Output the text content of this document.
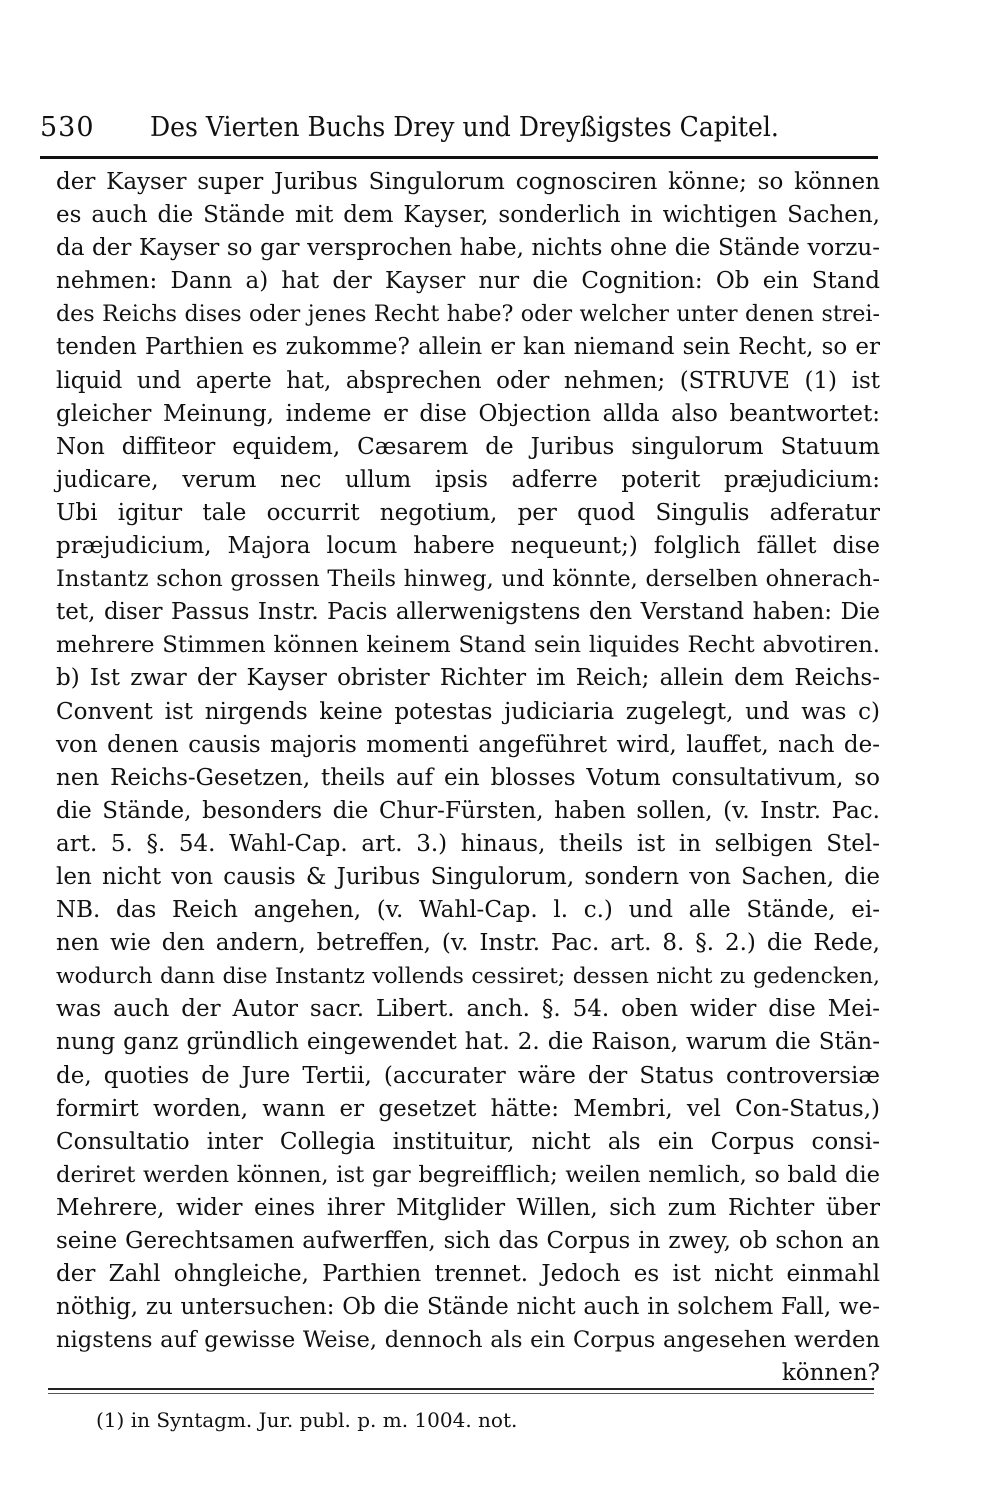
530 Des Vierten Buchs Drey und Dreyßigstes Capitel.
der Kayser super Juribus Singulorum cognosciren könne; so können
es auch die Stände mit dem Kayser, sonderlich in wichtigen Sachen,
da der Kayser so gar versprochen habe, nichts ohne die Stände vorzu-
nehmen: Dann a) hat der Kayser nur die Cognition: Ob ein Stand
des Reichs dises oder jenes Recht habe? oder welcher unter denen strei-
tenden Parthien es zukomme? allein er kan niemand sein Recht, so er
liquid und aperte hat, absprechen oder nehmen; (STRUVE (1) ist
gleicher Meinung, indeme er dise Objection allda also beantwortet:
Non diffiteor equidem, Cæsarem de Juribus singulorum Statuum
judicare, verum nec ullum ipsis adferre poterit præjudicium:
Ubi igitur tale occurrit negotium, per quod Singulis adferatur
præjudicium, Majora locum habere nequeunt;) folglich fället dise
Instantz schon grossen Theils hinweg, und könnte, derselben ohnerach-
tet, diser Passus Instr. Pacis allerwenigstens den Verstand haben: Die
mehrere Stimmen können keinem Stand sein liquides Recht abvotiren.
b) Ist zwar der Kayser obrister Richter im Reich; allein dem Reichs-
Convent ist nirgends keine potestas judiciaria zugelegt, und was c)
von denen causis majoris momenti angeführet wird, lauffet, nach de-
nen Reichs-Gesetzen, theils auf ein blosses Votum consultativum, so
die Stände, besonders die Chur-Fürsten, haben sollen, (v. Instr. Pac.
art. 5. §. 54. Wahl-Cap. art. 3.) hinaus, theils ist in selbigen Stel-
len nicht von causis & Juribus Singulorum, sondern von Sachen, die
NB. das Reich angehen, (v. Wahl-Cap. l. c.) und alle Stände, ei-
nen wie den andern, betreffen, (v. Instr. Pac. art. 8. §. 2.) die Rede,
wodurch dann dise Instantz vollends cessiret; dessen nicht zu gedencken,
was auch der Autor sacr. Libert. anch. §. 54. oben wider dise Mei-
nung ganz gründlich eingewendet hat. 2. die Raison, warum die Stän-
de, quoties de Jure Tertii, (accurater wäre der Status controversiæ
formirt worden, wann er gesetzet hätte: Membri, vel Con-Status,)
Consultatio inter Collegia instituitur, nicht als ein Corpus consi-
deriret werden können, ist gar begreifflich; weilen nemlich, so bald die
Mehrere, wider eines ihrer Mitglider Willen, sich zum Richter über
seine Gerechtsamen aufwerffen, sich das Corpus in zwey, ob schon an
der Zahl ohngleiche, Parthien trennet. Jedoch es ist nicht einmahl
nöthig, zu untersuchen: Ob die Stände nicht auch in solchem Fall, we-
nigstens auf gewisse Weise, dennoch als ein Corpus angesehen werden
können?
(1) in Syntagm. Jur. publ. p. m. 1004. not.
